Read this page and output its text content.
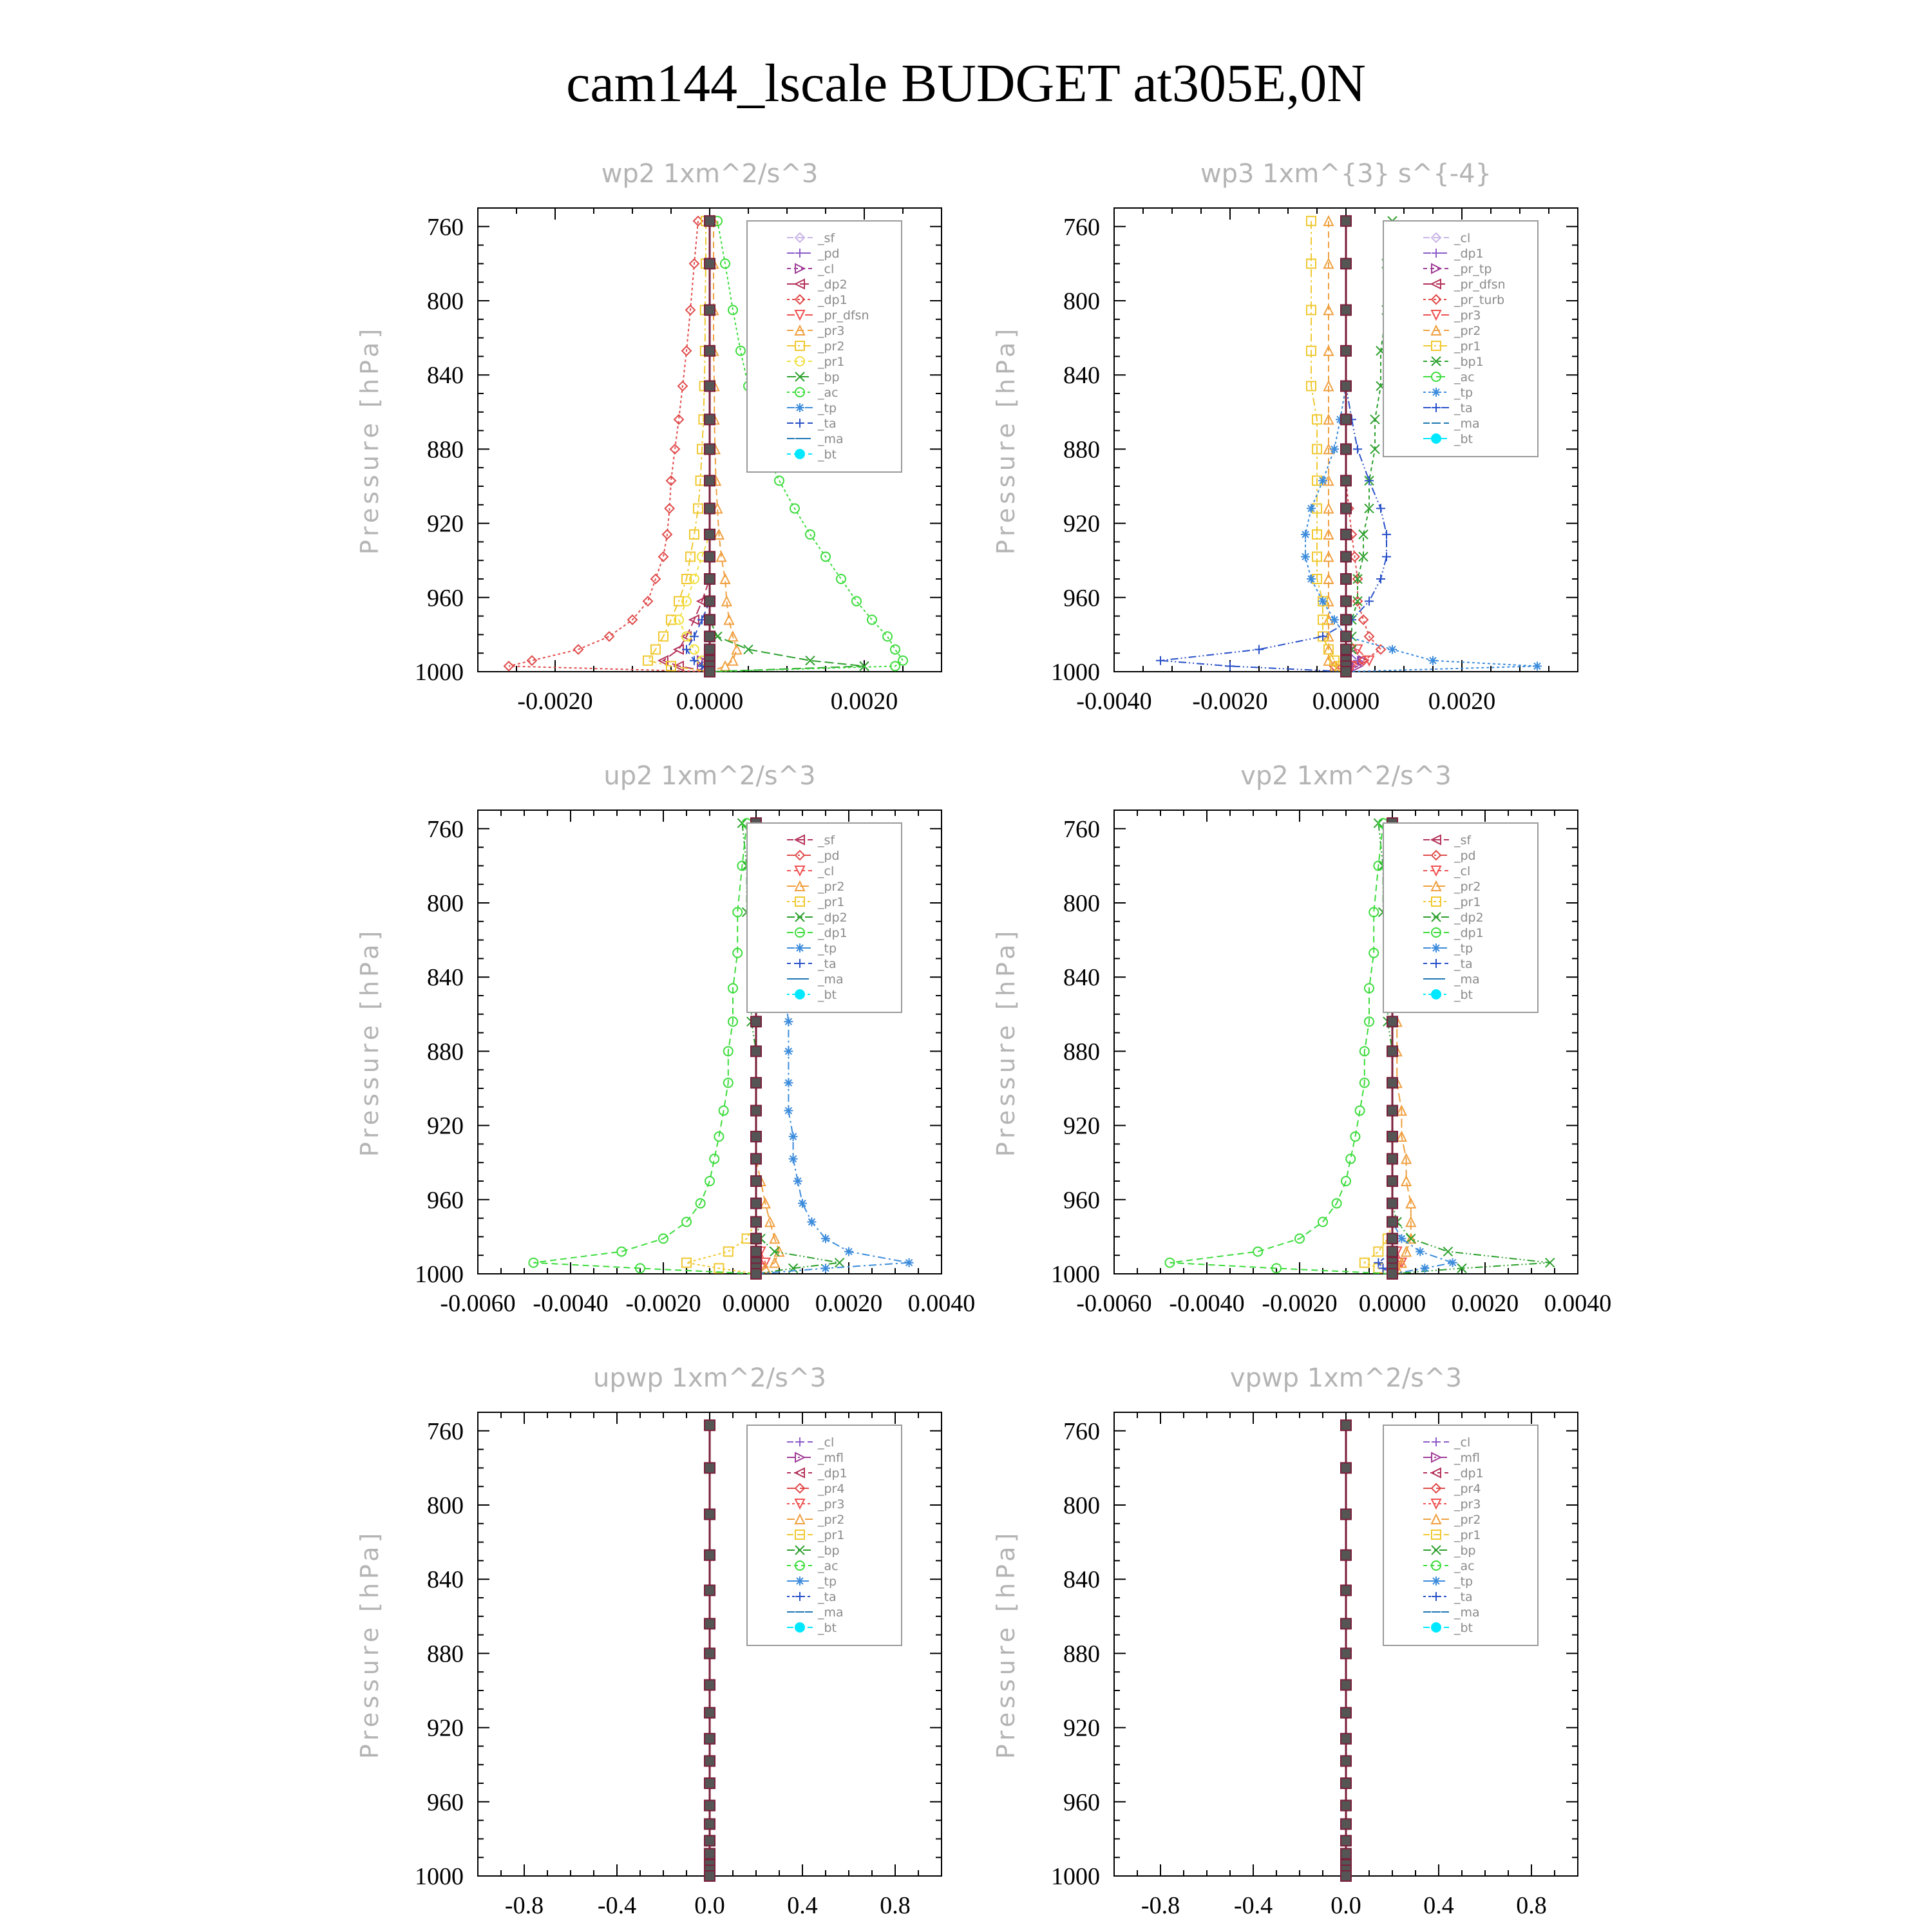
cam144_lscale BUDGET at305E,0N
wp2 1xm^2/s^3
Pressure [hPa]
760
800
840
880
920
960
1000
-0.0020	0.0000	0.0020
_sf
_pd
_cl
_dp2
_dp1
_pr_dfsn
_pr3
_pr2
_pr1
_bp
_ac
_tp
_ta
_ma
_bt
wp3 1xm^{3} s^{-4}
Pressure [hPa]
760
800
840
880
920
960
1000
-0.0040 -0.0020 0.0000 0.0020
_cl
_dp1
_pr_tp
_pr_dfsn
_pr_turb
_pr3
_pr2
_pr1
_bp1
_ac
_tp
_ta
_ma
_bt
up2 1xm^2/s^3
Pressure [hPa]
760
800
840
880
920
960
1000
-0.0060 -0.0040 -0.0020 0.0000 0.0020 0.0040
_sf
_pd
_cl
_pr2
_pr1
_dp2
_dp1
_tp
_ta
_ma
_bt
vp2 1xm^2/s^3
Pressure [hPa]
760
800
840
880
920
960
1000
-0.0060 -0.0040 -0.0020 0.0000 0.0020 0.0040
_sf
_pd
_cl
_pr2
_pr1
_dp2
_dp1
_tp
_ta
_ma
_bt
upwp 1xm^2/s^3
Pressure [hPa]
760
800
840
880
920
960
1000
-0.8 -0.4 0.0	0.4	0.8
_cl
_mfl
_dp1
_pr4
_pr3
_pr2
_pr1
_bp
_ac
_tp
_ta
_ma
_bt
vpwp 1xm^2/s^3
Pressure [hPa]
760
800
840
880
920
960
1000
-0.8 -0.4 0.0	0.4	0.8
_cl
_mfl
_dp1
_pr4
_pr3
_pr2
_pr1
_bp
_ac
_tp
_ta
_ma
_bt
